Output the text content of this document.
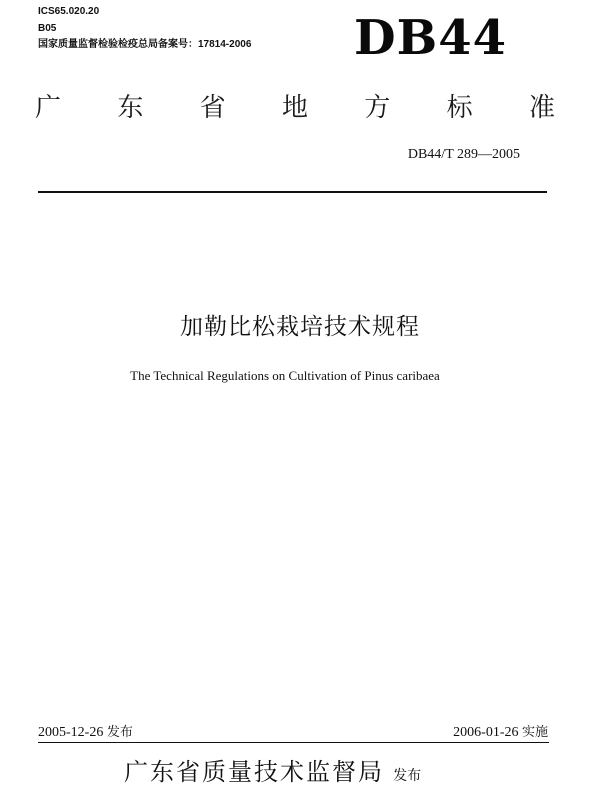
ICS65.020.20
B05
国家质量监督检验检疫总局备案号：17814-2006 DB44
广 东 省 地 方 标 准
DB44/T 289—2005
加勒比松栽培技术规程
The Technical Regulations on Cultivation of Pinus caribaea
2005-12-26 发布	2006-01-26 实施
广东省质量技术监督局 发布
